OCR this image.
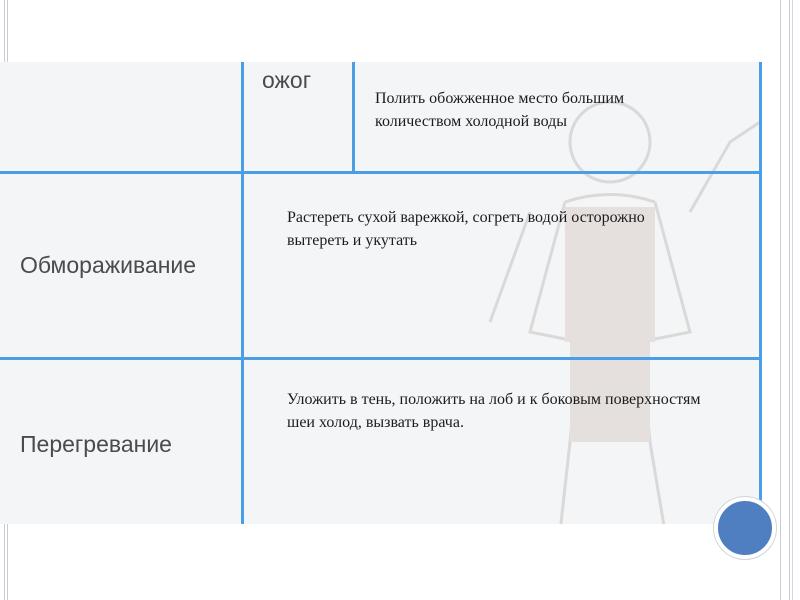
ожог
Обмораживание
Перегревание
Полить обожженное место большим количеством холодной воды
Растереть сухой варежкой, согреть водой осторожно вытереть и укутать
Уложить в тень, положить на лоб и к боковым поверхностям шеи холод, вызвать врача.
